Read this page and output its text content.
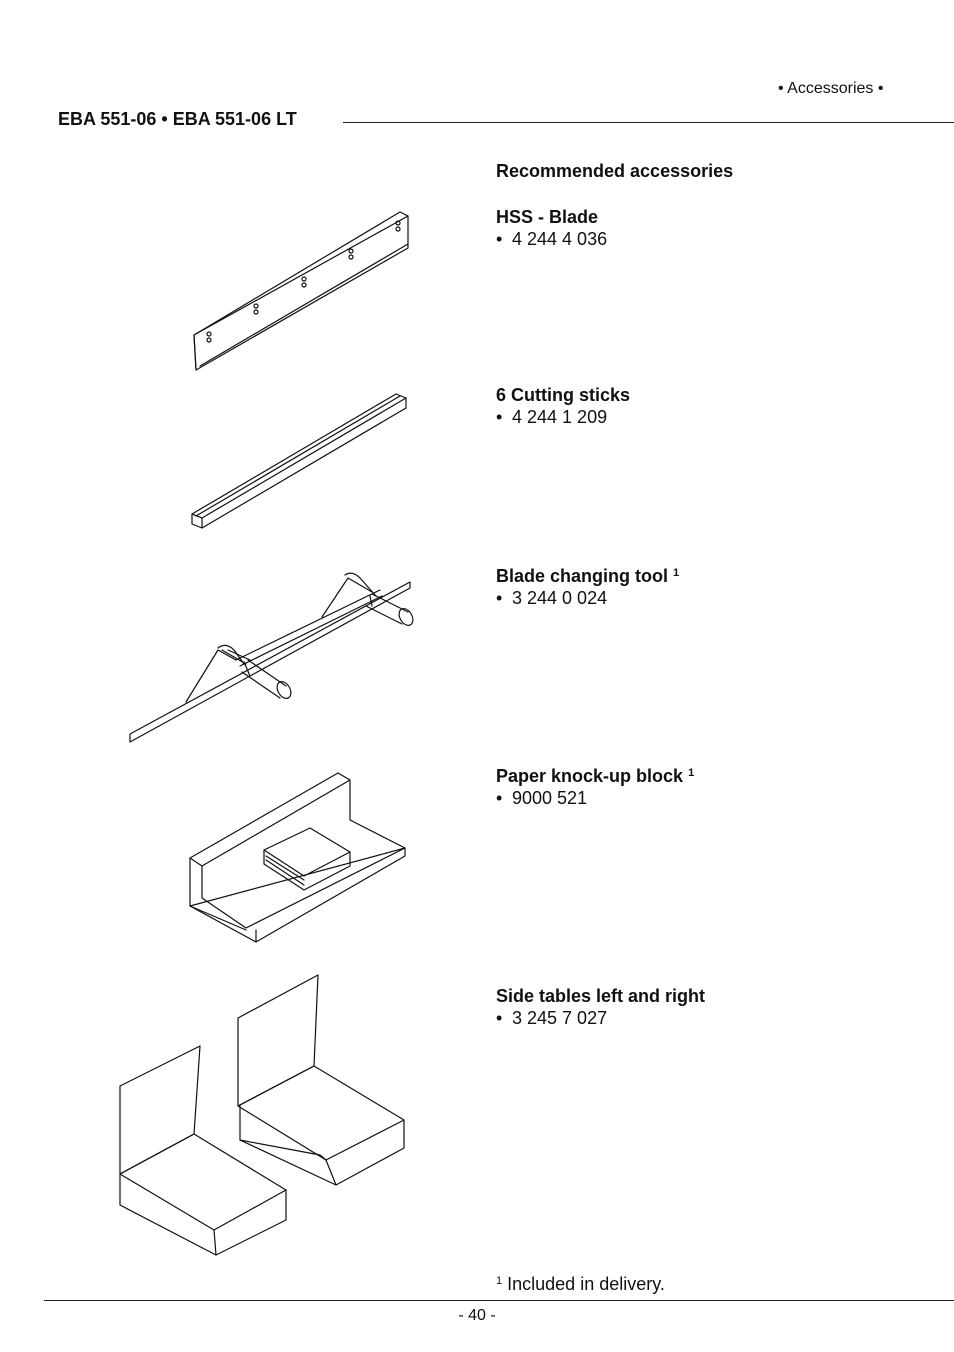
• Accessories •
EBA 551-06 • EBA 551-06 LT
Recommended accessories
HSS - Blade
• 4 244 4 036
6 Cutting sticks
• 4 244 1 209
Blade changing tool $^1$
• 3 244 0 024
Paper knock-up block $^1$
• 9000 521
Side tables left and right
• 3 245 7 027
$^1$ Included in delivery.
- 40 -
